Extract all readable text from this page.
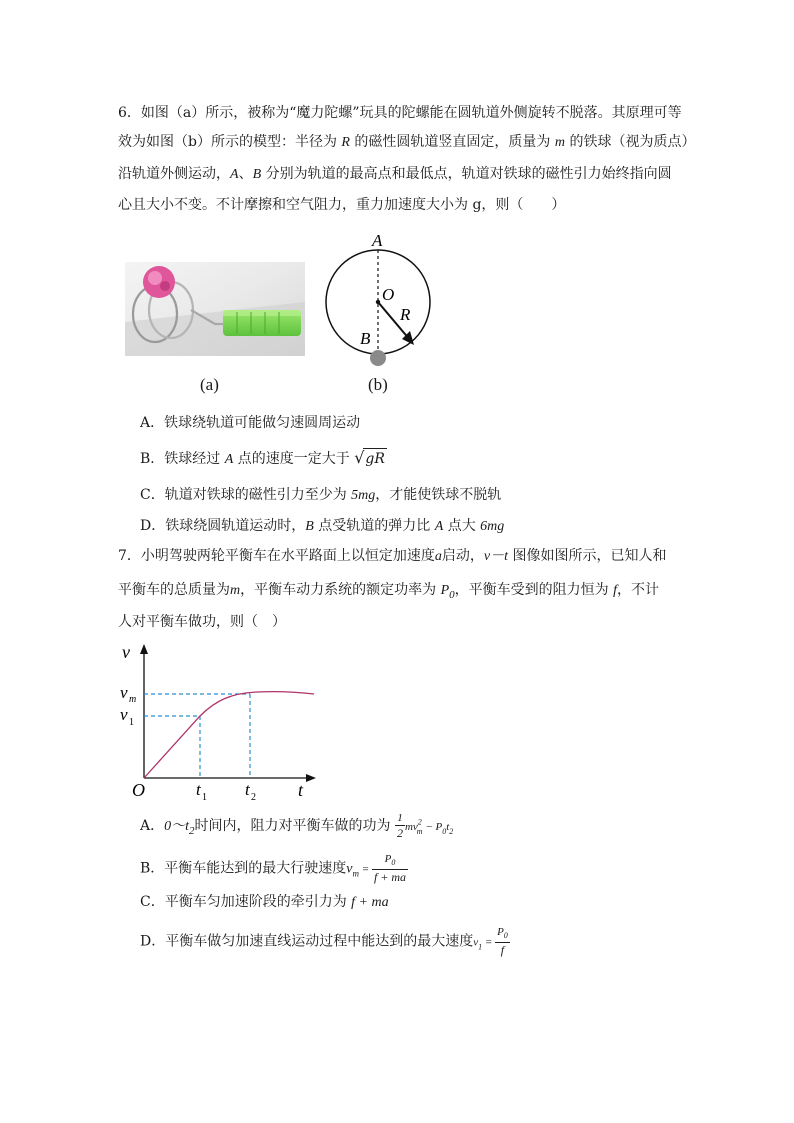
6．如图（a）所示，被称为“魔力陀螺”玩具的陀螺能在圆轨道外侧旋转不脱落。其原理可等
效为如图（b）所示的模型：半径为 R 的磁性圆轨道竖直固定，质量为 m 的铁球（视为质点）
沿轨道外侧运动，A、B 分别为轨道的最高点和最低点，轨道对铁球的磁性引力始终指向圆
心且大小不变。不计摩擦和空气阻力，重力加速度大小为 g，则（　　）
(a)
A
O
R
B
(b)
A．铁球绕轨道可能做匀速圆周运动
B．铁球经过 A 点的速度一定大于 √gR
C．轨道对铁球的磁性引力至少为 5mg，才能使铁球不脱轨
D．铁球绕圆轨道运动时，B 点受轨道的弹力比 A 点大 6mg
7．小明驾驶两轮平衡车在水平路面上以恒定加速度a启动，v－t 图像如图所示，已知人和
平衡车的总质量为m，平衡车动力系统的额定功率为 $P_0$，平衡车受到的阻力恒为 f，不计
人对平衡车做功，则（　）
v
v m
v 1
O	t 1 t 2 t
A．$0\sim t_2$时间内，阻力对平衡车做的功为 $\frac{1}{2} mv^2_m - P_0t_2$
B．平衡车能达到的最大行驶速度$v_m = \frac{P_0}{f + ma}$
C．平衡车匀加速阶段的牵引力为 f + ma
D．平衡车做匀加速直线运动过程中能达到的最大速度$v_1 = \frac{P_0}{f}$
